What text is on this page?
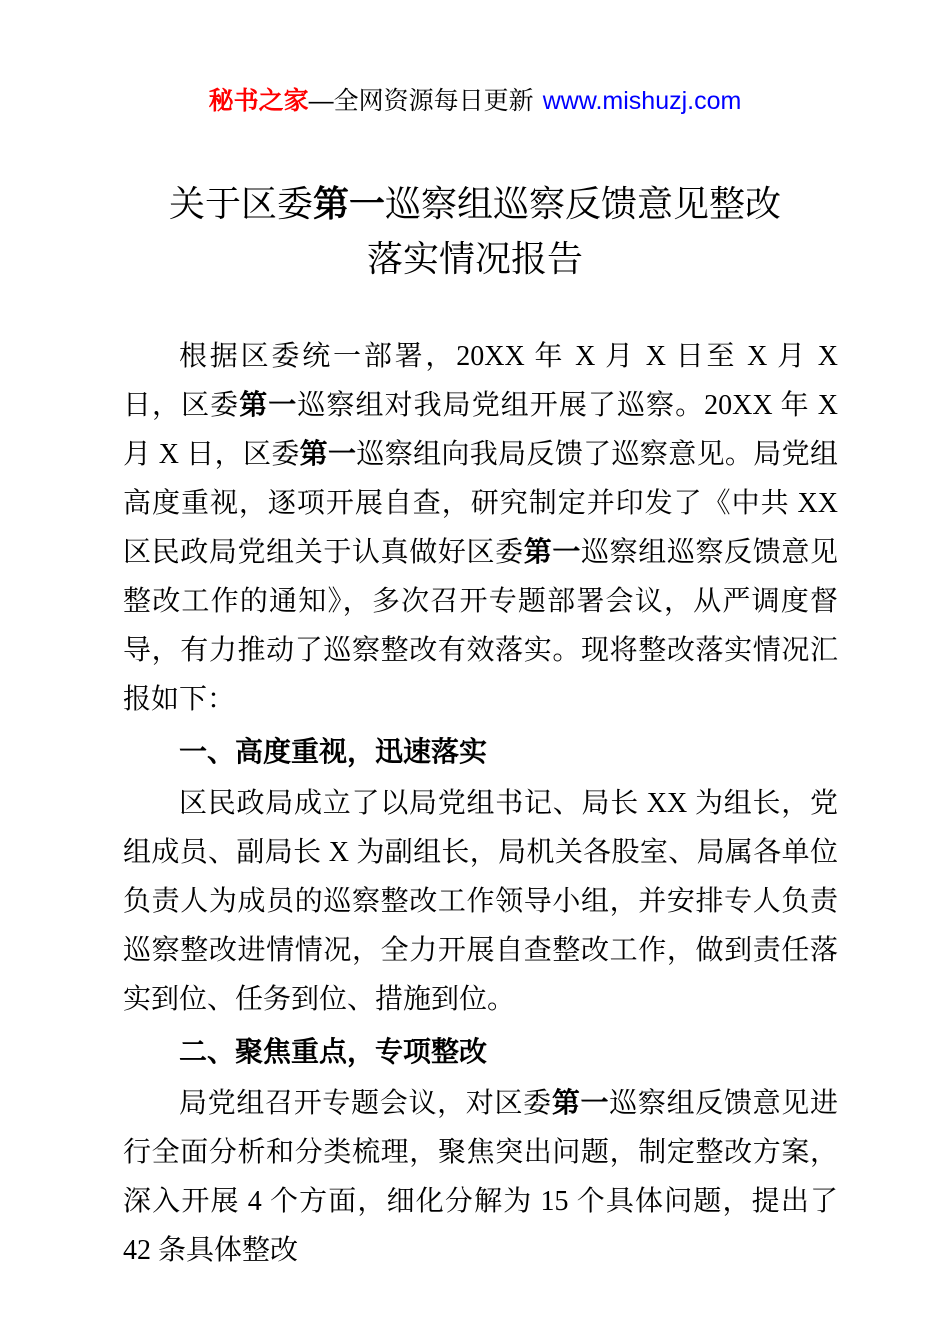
秘书之家—全网资源每日更新 www.mishuzj.com
关于区委第一巡察组巡察反馈意见整改
落实情况报告

根据区委统一部署，20XX 年 X 月 X 日至 X 月 X 日，区委第一巡察组对我局党组开展了巡察。20XX 年 X 月 X 日，区委第一巡察组向我局反馈了巡察意见。局党组高度重视，逐项开展自查，研究制定并印发了《中共 XX 区民政局党组关于认真做好区委第一巡察组巡察反馈意见整改工作的通知》，多次召开专题部署会议，从严调度督导，有力推动了巡察整改有效落实。现将整改落实情况汇报如下：

一、高度重视，迅速落实

区民政局成立了以局党组书记、局长 XX 为组长，党组成员、副局长 X 为副组长，局机关各股室、局属各单位负责人为成员的巡察整改工作领导小组，并安排专人负责巡察整改进情情况，全力开展自查整改工作，做到责任落实到位、任务到位、措施到位。

二、聚焦重点，专项整改

局党组召开专题会议，对区委第一巡察组反馈意见进行全面分析和分类梳理，聚焦突出问题，制定整改方案，深入开展 4 个方面，细化分解为 15 个具体问题，提出了 42 条具体整改
